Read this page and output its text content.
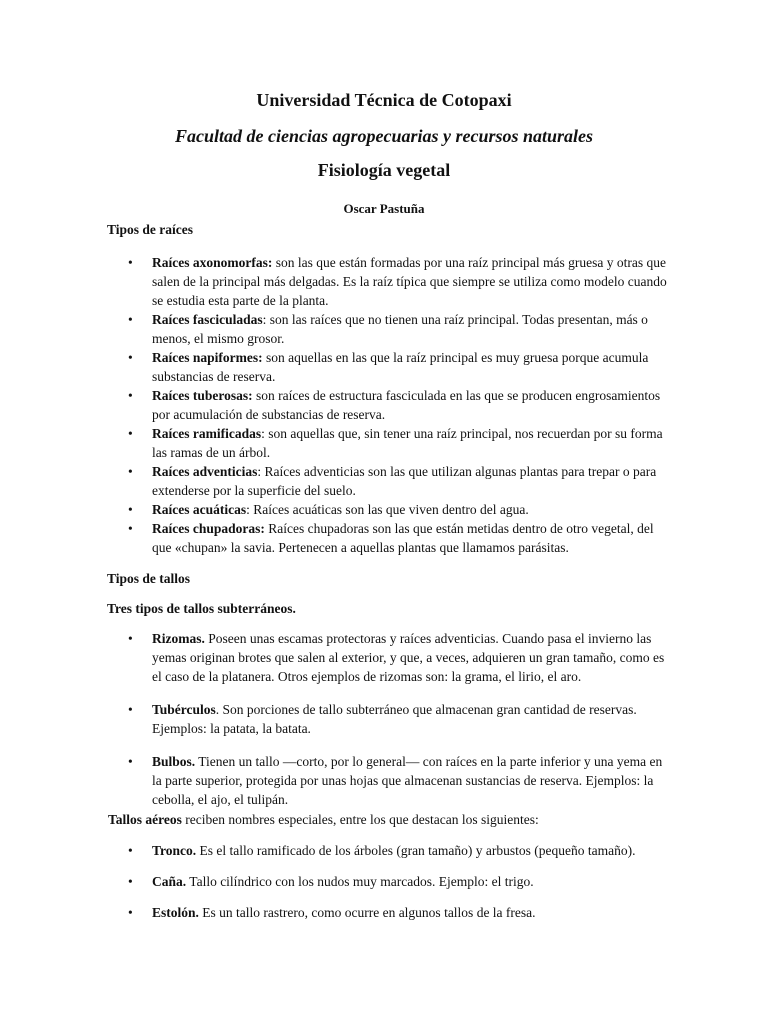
Universidad Técnica de Cotopaxi
Facultad de ciencias agropecuarias y recursos naturales
Fisiología vegetal
Oscar Pastuña
Tipos de raíces
• Raíces axonomorfas: son las que están formadas por una raíz principal más gruesa y otras que salen de la principal más delgadas. Es la raíz típica que siempre se utiliza como modelo cuando se estudia esta parte de la planta.
• Raíces fasciculadas: son las raíces que no tienen una raíz principal. Todas presentan, más o menos, el mismo grosor.
• Raíces napiformes: son aquellas en las que la raíz principal es muy gruesa porque acumula substancias de reserva.
• Raíces tuberosas: son raíces de estructura fasciculada en las que se producen engrosamientos por acumulación de substancias de reserva.
• Raíces ramificadas: son aquellas que, sin tener una raíz principal, nos recuerdan por su forma las ramas de un árbol.
• Raíces adventicias: Raíces adventicias son las que utilizan algunas plantas para trepar o para extenderse por la superficie del suelo.
• Raíces acuáticas: Raíces acuáticas son las que viven dentro del agua.
• Raíces chupadoras: Raíces chupadoras son las que están metidas dentro de otro vegetal, del que «chupan» la savia. Pertenecen a aquellas plantas que llamamos parásitas.
Tipos de tallos
Tres tipos de tallos subterráneos.
• Rizomas. Poseen unas escamas protectoras y raíces adventicias. Cuando pasa el invierno las yemas originan brotes que salen al exterior, y que, a veces, adquieren un gran tamaño, como es el caso de la platanera. Otros ejemplos de rizomas son: la grama, el lirio, el aro.
• Tubérculos. Son porciones de tallo subterráneo que almacenan gran cantidad de reservas. Ejemplos: la patata, la batata.
• Bulbos. Tienen un tallo —corto, por lo general— con raíces en la parte inferior y una yema en la parte superior, protegida por unas hojas que almacenan sustancias de reserva. Ejemplos: la cebolla, el ajo, el tulipán.
Tallos aéreos reciben nombres especiales, entre los que destacan los siguientes:
• Tronco. Es el tallo ramificado de los árboles (gran tamaño) y arbustos (pequeño tamaño).
• Caña. Tallo cilíndrico con los nudos muy marcados. Ejemplo: el trigo.
• Estolón. Es un tallo rastrero, como ocurre en algunos tallos de la fresa.
